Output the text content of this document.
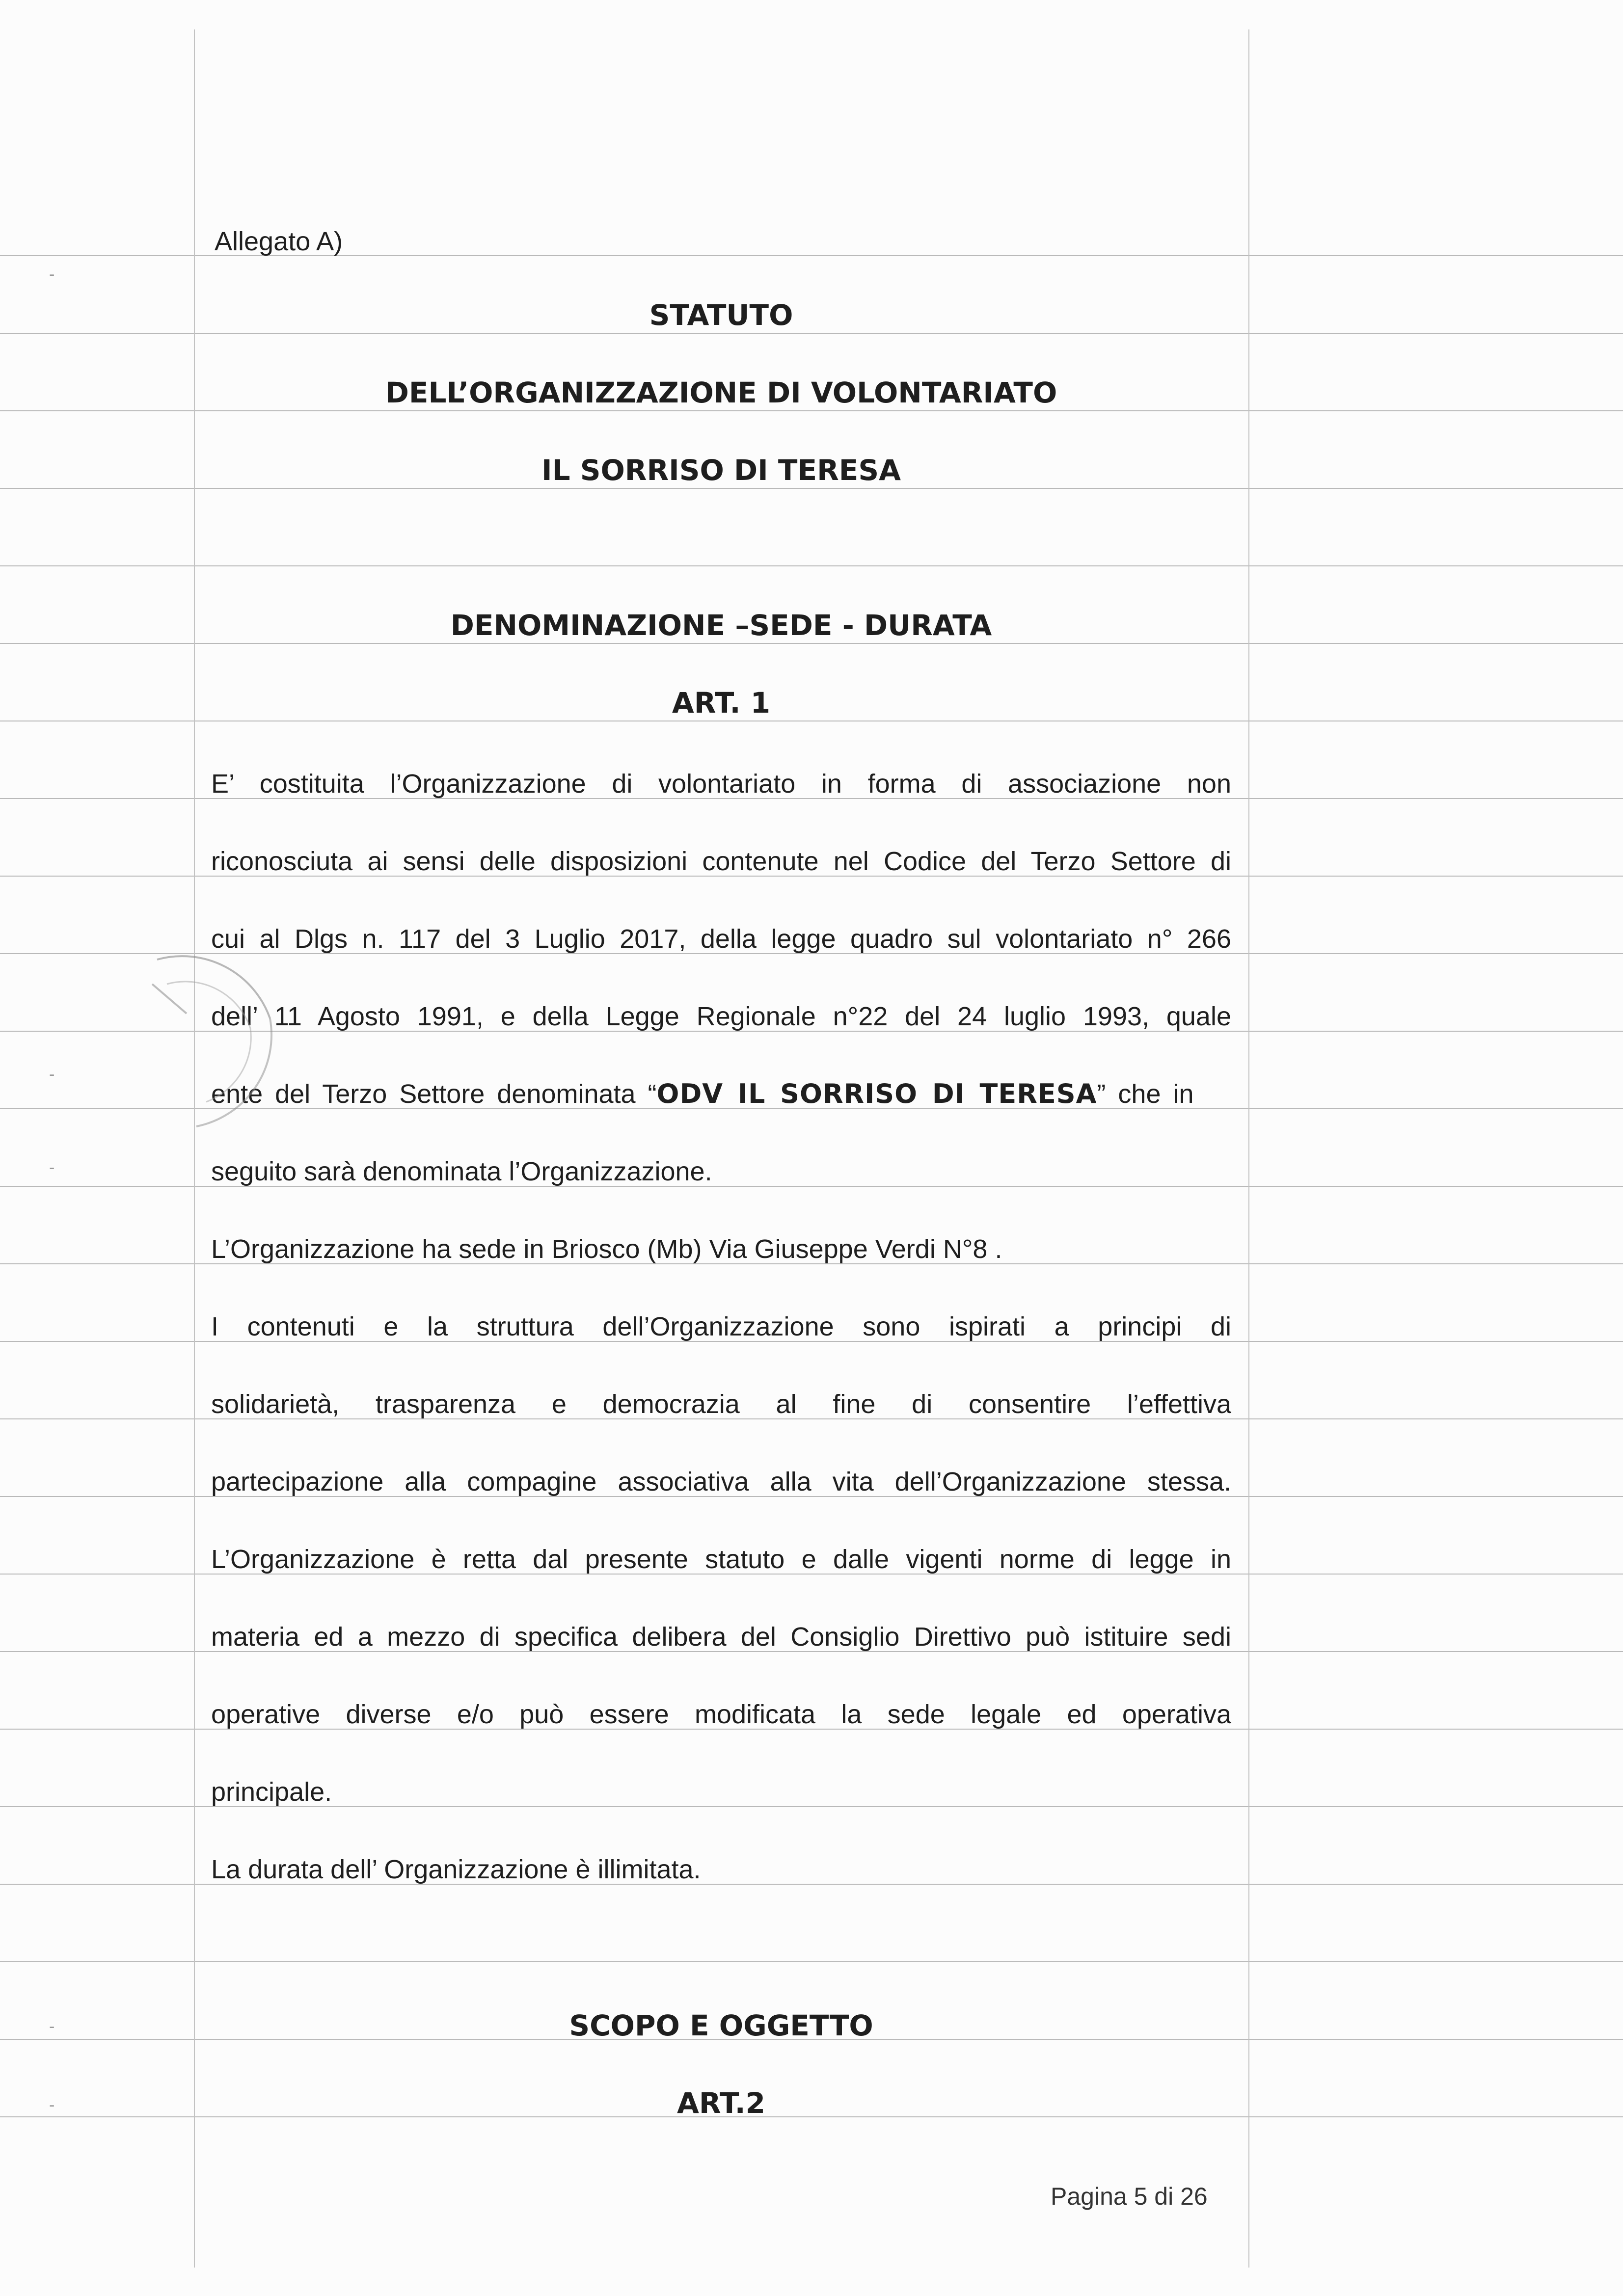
-
-
-
-
-
Allegato A)
STATUTO
DELL’ORGANIZZAZIONE DI VOLONTARIATO
IL SORRISO DI TERESA
DENOMINAZIONE –SEDE - DURATA
ART. 1
E’ costituita l’Organizzazione di volontariato in forma di associazione non
riconosciuta ai sensi delle disposizioni contenute nel Codice del Terzo Settore di
cui al Dlgs n. 117 del 3 Luglio 2017, della legge quadro sul volontariato n° 266
dell’ 11 Agosto 1991, e della Legge Regionale n°22 del 24 luglio 1993, quale
ente del Terzo Settore denominata “ODV IL SORRISO DI TERESA” che in
seguito sarà denominata l’Organizzazione.
L’Organizzazione ha sede in Briosco (Mb) Via Giuseppe Verdi N°8 .
I contenuti e la struttura dell’Organizzazione sono ispirati a principi di
solidarietà, trasparenza e democrazia al fine di consentire l’effettiva
partecipazione alla compagine associativa alla vita dell’Organizzazione stessa.
L’Organizzazione è retta dal presente statuto e dalle vigenti norme di legge in
materia ed a mezzo di specifica delibera del Consiglio Direttivo può istituire sedi
operative diverse e/o può essere modificata la sede legale ed operativa
principale.
La durata dell’ Organizzazione è illimitata.
SCOPO E OGGETTO
ART.2
Pagina 5 di 26
